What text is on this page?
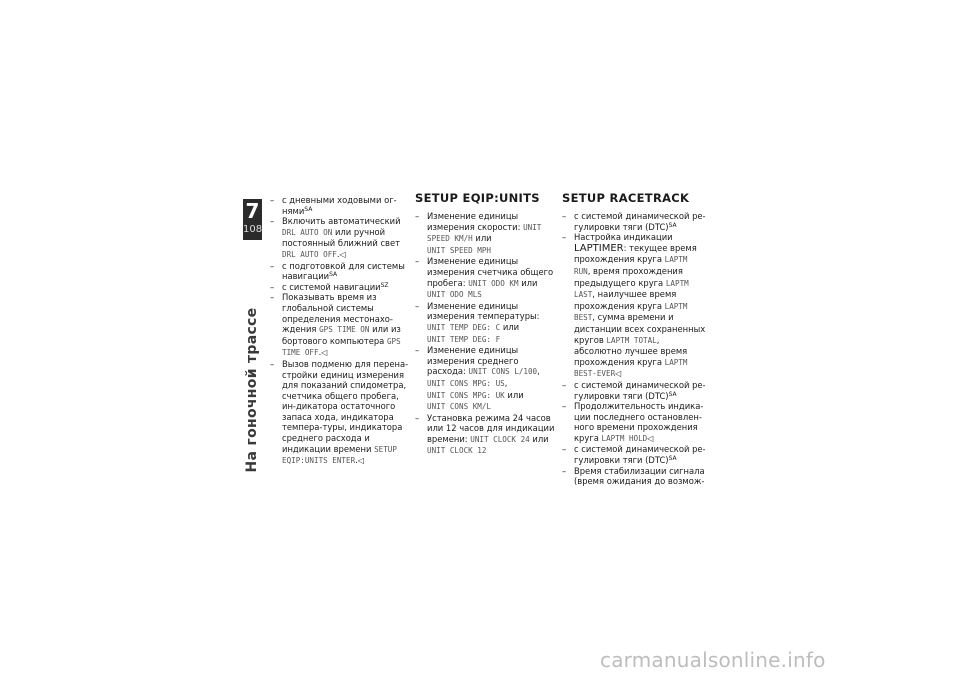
7
108
На гоночной трассе
– с дневными ходовыми ог- нями$^{SA}$
– Включить автоматический
DRL AUTO ON или ручной постоянный ближний свет DRL AUTO OFF.◁
– с подготовкой для системы навигации$^{SA}$
– с системой навигации$^{SZ}$
– Показывать время из глобальной системы определения местонахо-ждения GPS TIME ON или из бортового компьютера GPS TIME OFF.◁
– Вызов подменю для перена-стройки единиц измерения для показаний спидометра, счетчика общего пробега, ин-дикатора остаточного запаса хода, индикатора темпера-туры, индикатора среднего расхода и индикации времени SETUP EQIP:UNITS ENTER.◁
SETUP EQIP:UNITS
– Изменение единицы измерения скорости: UNIT SPEED KM/H или
UNIT SPEED MPH
– Изменение единицы измерения счетчика общего пробега: UNIT ODO KM или
UNIT ODO MLS
– Изменение единицы измерения температуры:
UNIT TEMP DEG: C или
UNIT TEMP DEG: F
– Изменение единицы измерения среднего расхода: UNIT CONS L/100,
UNIT CONS MPG: US,
UNIT CONS MPG: UK или
UNIT CONS KM/L
– Установка режима 24 часов или 12 часов для индикации времени: UNIT CLOCK 24 или
UNIT CLOCK 12
SETUP RACETRACK
– с системой динамической ре-гулировки тяги (DTC)$^{SA}$
– Настройка индикации
LAPTIMER: текущее время прохождения круга LAPTM RUN, время прохождения предыдущего круга LAPTM LAST, наилучшее время прохождения круга LAPTM BEST, сумма времени и дистанции всех сохраненных кругов LAPTM TOTAL, абсолютно лучшее время прохождения круга LAPTM BEST-EVER◁
– с системой динамической ре-гулировки тяги (DTC)$^{SA}$
– Продолжительность индика-ции последнего остановлен-ного времени прохождения круга LAPTM HOLD◁
– с системой динамической ре-гулировки тяги (DTC)$^{SA}$
– Время стабилизации сигнала (время ожидания до возмож-
carmanualsonline.info
